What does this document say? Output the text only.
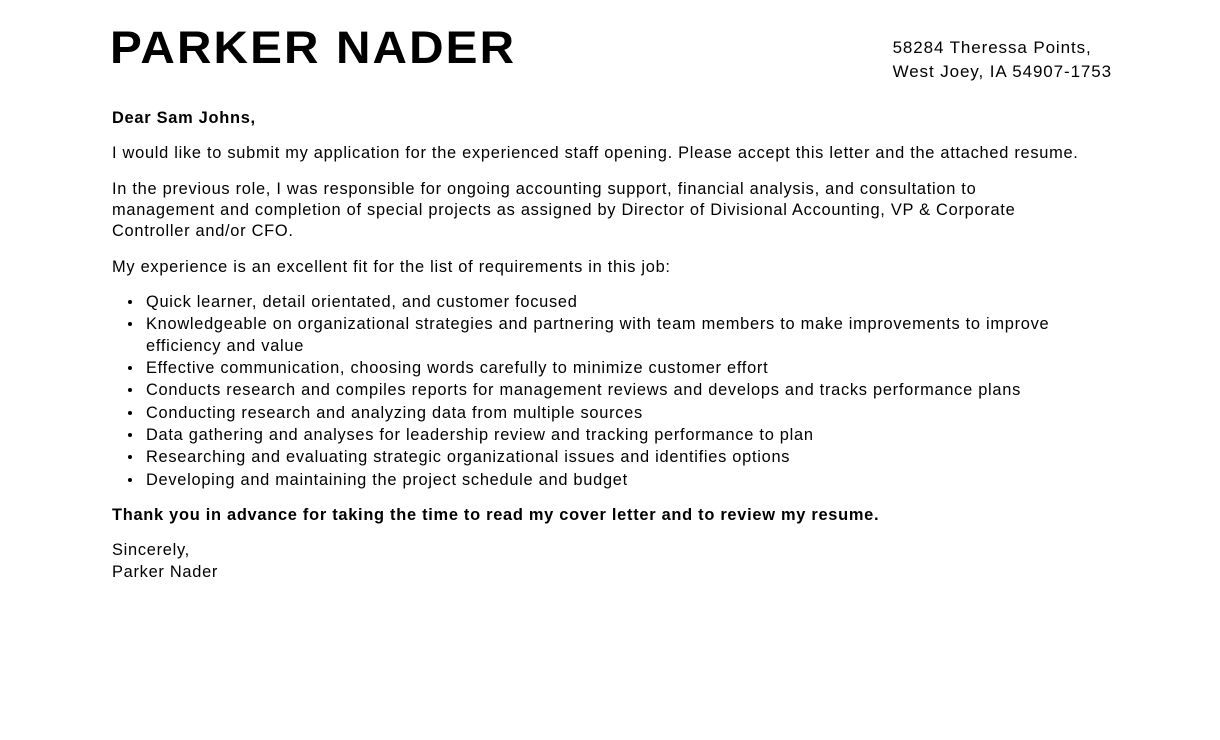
PARKER NADER	58284 Theressa Points,
West Joey, IA 54907-1753

Dear Sam Johns,

I would like to submit my application for the experienced staff opening. Please accept this letter and the attached resume.

In the previous role, I was responsible for ongoing accounting support, financial analysis, and consultation to management and completion of special projects as assigned by Director of Divisional Accounting, VP & Corporate Controller and/or CFO.

My experience is an excellent fit for the list of requirements in this job:

Quick learner, detail orientated, and customer focused
Knowledgeable on organizational strategies and partnering with team members to make improvements to improve efficiency and value
Effective communication, choosing words carefully to minimize customer effort
Conducts research and compiles reports for management reviews and develops and tracks performance plans
Conducting research and analyzing data from multiple sources
Data gathering and analyses for leadership review and tracking performance to plan
Researching and evaluating strategic organizational issues and identifies options
Developing and maintaining the project schedule and budget

Thank you in advance for taking the time to read my cover letter and to review my resume.

Sincerely,
Parker Nader
